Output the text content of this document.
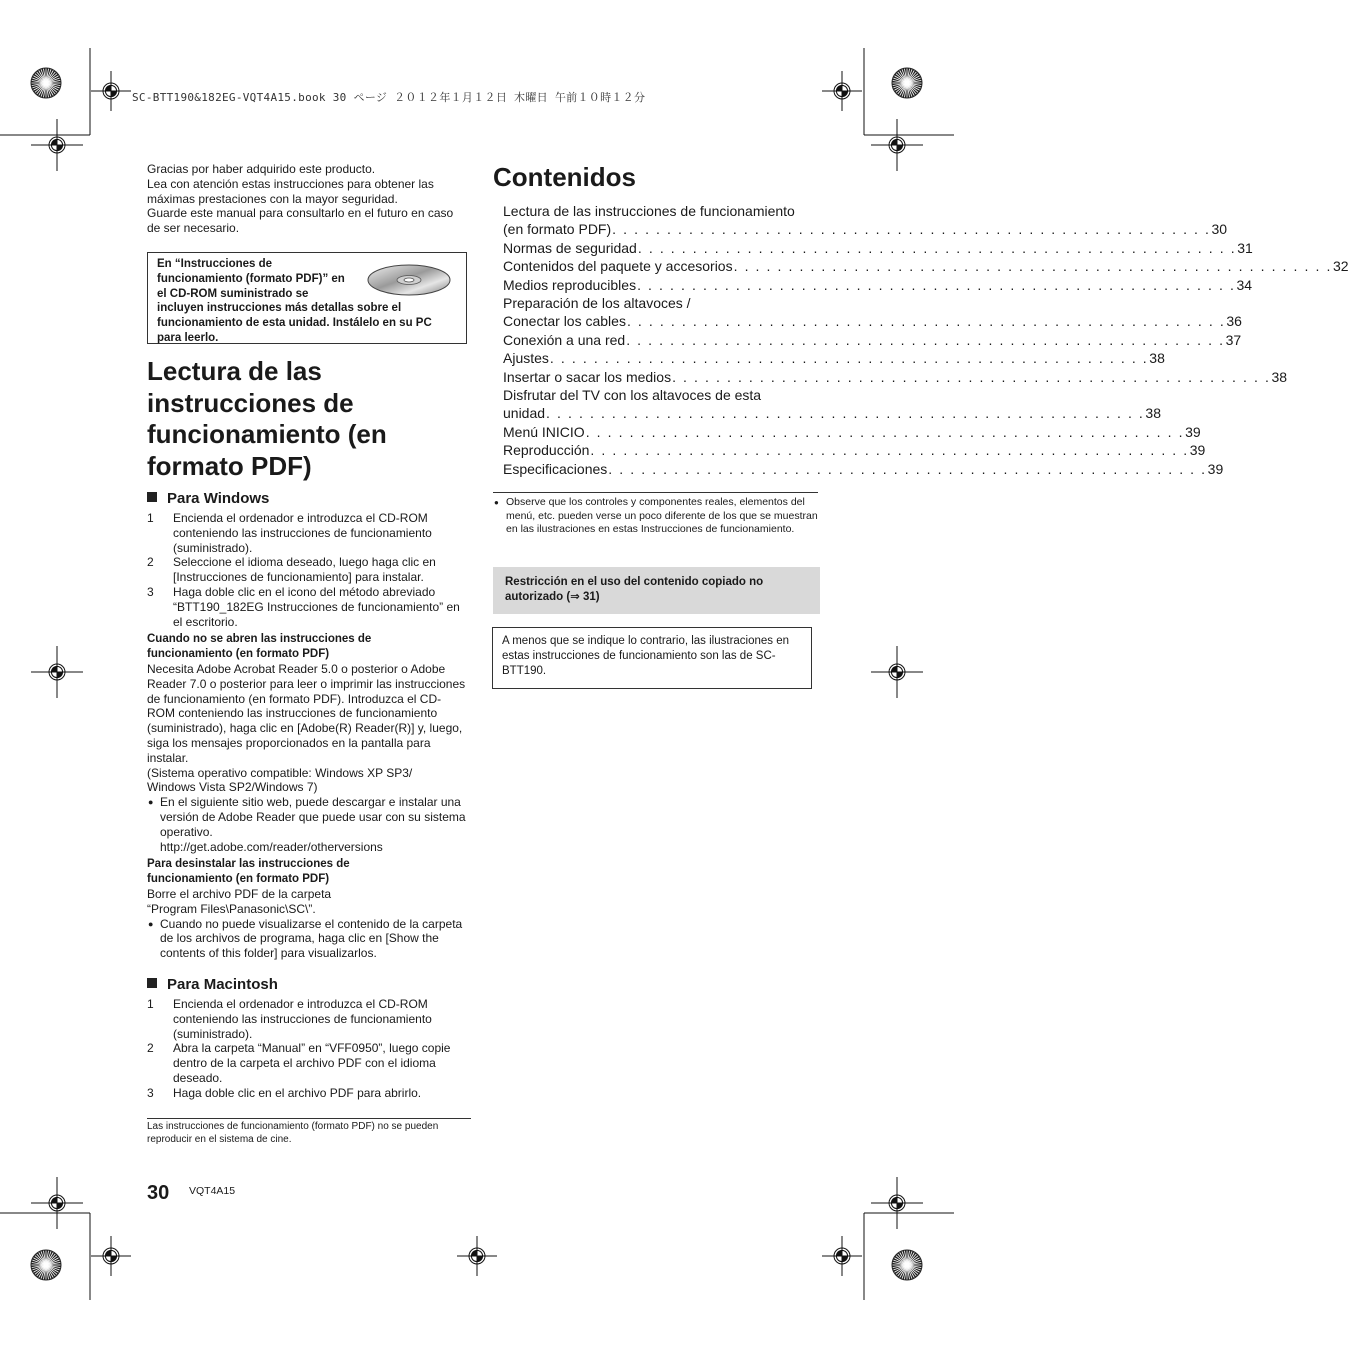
SC-BTT190&182EG-VQT4A15.book 30 ページ ２０１２年１月１２日 木曜日 午前１０時１２分

Gracias por haber adquirido este producto.

Lea con atención estas instrucciones para obtener las máximas prestaciones con la mayor seguridad.

Guarde este manual para consultarlo en el futuro en caso de ser necesario.

En “Instrucciones de funcionamiento (formato PDF)” en el CD-ROM suministrado se
incluyen instrucciones más detallas sobre el funcionamiento de esta unidad. Instálelo en su PC para leerlo.
Lectura de las instrucciones de funcionamiento (en formato PDF)
Para Windows
1 Encienda el ordenador e introduzca el CD-ROM conteniendo las instrucciones de funcionamiento (suministrado).
2 Seleccione el idioma deseado, luego haga clic en [Instrucciones de funcionamiento] para instalar.
3 Haga doble clic en el icono del método abreviado “BTT190_182EG Instrucciones de funcionamiento” en el escritorio.
Cuando no se abren las instrucciones de funcionamiento (en formato PDF)
Necesita Adobe Acrobat Reader 5.0 o posterior o Adobe Reader 7.0 o posterior para leer o imprimir las instrucciones de funcionamiento (en formato PDF). Introduzca el CD-ROM conteniendo las instrucciones de funcionamiento (suministrado), haga clic en [Adobe(R) Reader(R)] y, luego, siga los mensajes proporcionados en la pantalla para instalar.
(Sistema operativo compatible: Windows XP SP3/ Windows Vista SP2/Windows 7)
● En el siguiente sitio web, puede descargar e instalar una versión de Adobe Reader que puede usar con su sistema operativo.
http://get.adobe.com/reader/otherversions
Para desinstalar las instrucciones de funcionamiento (en formato PDF)
Borre el archivo PDF de la carpeta “Program Files\Panasonic\SC\”.
● Cuando no puede visualizarse el contenido de la carpeta de los archivos de programa, haga clic en [Show the contents of this folder] para visualizarlos.
Para Macintosh
1 Encienda el ordenador e introduzca el CD-ROM conteniendo las instrucciones de funcionamiento (suministrado).
2 Abra la carpeta “Manual” en “VFF0950”, luego copie dentro de la carpeta el archivo PDF con el idioma deseado.
3 Haga doble clic en el archivo PDF para abrirlo.
Las instrucciones de funcionamiento (formato PDF) no se pueden reproducir en el sistema de cine.
30 VQT4A15
Contenidos
Lectura de las instrucciones de funcionamiento
(en formato PDF) . . . . . . . . . . . . . . . . . . . . . . . . . . . . . . . . . . . . . . . . . . . . . . . . . . . . . . . 30
Normas de seguridad . . . . . . . . . . . . . . . . . . . . . . . . . . . . . . . . . . . . . . . . . . . . . . . . . . . . . . . 31
Contenidos del paquete y accesorios . . . . . . . . . . . . . . . . . . . . . . . . . . . . . . . . . . . . . . . . . . . . . . . . . . . . . . . 32
Medios reproducibles . . . . . . . . . . . . . . . . . . . . . . . . . . . . . . . . . . . . . . . . . . . . . . . . . . . . . . . 34
Preparación de los altavoces /
Conectar los cables . . . . . . . . . . . . . . . . . . . . . . . . . . . . . . . . . . . . . . . . . . . . . . . . . . . . . . . 36
Conexión a una red . . . . . . . . . . . . . . . . . . . . . . . . . . . . . . . . . . . . . . . . . . . . . . . . . . . . . . . 37
Ajustes . . . . . . . . . . . . . . . . . . . . . . . . . . . . . . . . . . . . . . . . . . . . . . . . . . . . . . . 38
Insertar o sacar los medios . . . . . . . . . . . . . . . . . . . . . . . . . . . . . . . . . . . . . . . . . . . . . . . . . . . . . . . 38
Disfrutar del TV con los altavoces de esta
unidad . . . . . . . . . . . . . . . . . . . . . . . . . . . . . . . . . . . . . . . . . . . . . . . . . . . . . . . 38
Menú INICIO . . . . . . . . . . . . . . . . . . . . . . . . . . . . . . . . . . . . . . . . . . . . . . . . . . . . . . . 39
Reproducción . . . . . . . . . . . . . . . . . . . . . . . . . . . . . . . . . . . . . . . . . . . . . . . . . . . . . . . 39
Especificaciones . . . . . . . . . . . . . . . . . . . . . . . . . . . . . . . . . . . . . . . . . . . . . . . . . . . . . . . 39
● Observe que los controles y componentes reales, elementos del menú, etc. pueden verse un poco diferente de los que se muestran en las ilustraciones en estas Instrucciones de funcionamiento.
Restricción en el uso del contenido copiado no autorizado (⇒ 31)
A menos que se indique lo contrario, las ilustraciones en estas instrucciones de funcionamiento son las de SC-BTT190.
